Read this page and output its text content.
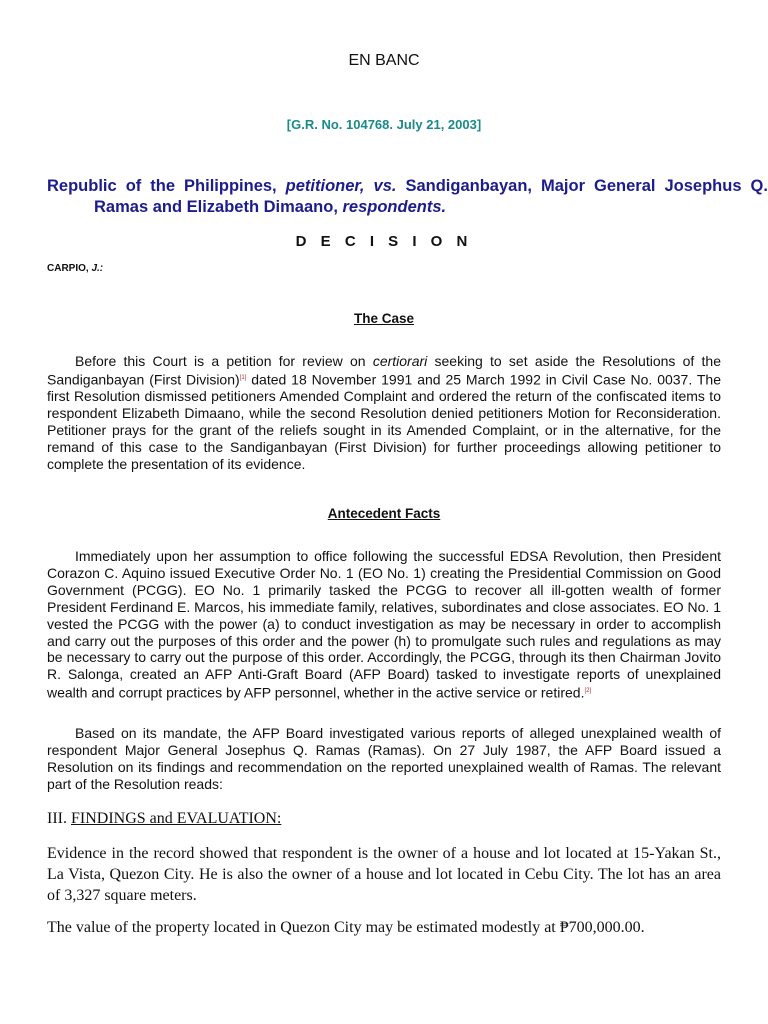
EN BANC
[G.R. No. 104768. July 21, 2003]
Republic of the Philippines, petitioner, vs. Sandiganbayan, Major General Josephus Q. Ramas and Elizabeth Dimaano, respondents.
D E C I S I O N
CARPIO, J.:
The Case

Before this Court is a petition for review on certiorari seeking to set aside the Resolutions of the Sandiganbayan (First Division)[1] dated 18 November 1991 and 25 March 1992 in Civil Case No. 0037. The first Resolution dismissed petitioners Amended Complaint and ordered the return of the confiscated items to respondent Elizabeth Dimaano, while the second Resolution denied petitioners Motion for Reconsideration. Petitioner prays for the grant of the reliefs sought in its Amended Complaint, or in the alternative, for the remand of this case to the Sandiganbayan (First Division) for further proceedings allowing petitioner to complete the presentation of its evidence.

Antecedent Facts

Immediately upon her assumption to office following the successful EDSA Revolution, then President Corazon C. Aquino issued Executive Order No. 1 (EO No. 1) creating the Presidential Commission on Good Government (PCGG). EO No. 1 primarily tasked the PCGG to recover all ill-gotten wealth of former President Ferdinand E. Marcos, his immediate family, relatives, subordinates and close associates. EO No. 1 vested the PCGG with the power (a) to conduct investigation as may be necessary in order to accomplish and carry out the purposes of this order and the power (h) to promulgate such rules and regulations as may be necessary to carry out the purpose of this order. Accordingly, the PCGG, through its then Chairman Jovito R. Salonga, created an AFP Anti-Graft Board (AFP Board) tasked to investigate reports of unexplained wealth and corrupt practices by AFP personnel, whether in the active service or retired.[2]

Based on its mandate, the AFP Board investigated various reports of alleged unexplained wealth of respondent Major General Josephus Q. Ramas (Ramas). On 27 July 1987, the AFP Board issued a Resolution on its findings and recommendation on the reported unexplained wealth of Ramas. The relevant part of the Resolution reads:

III. FINDINGS and EVALUATION:

Evidence in the record showed that respondent is the owner of a house and lot located at 15-Yakan St., La Vista, Quezon City. He is also the owner of a house and lot located in Cebu City. The lot has an area of 3,327 square meters.

The value of the property located in Quezon City may be estimated modestly at ₱700,000.00.
